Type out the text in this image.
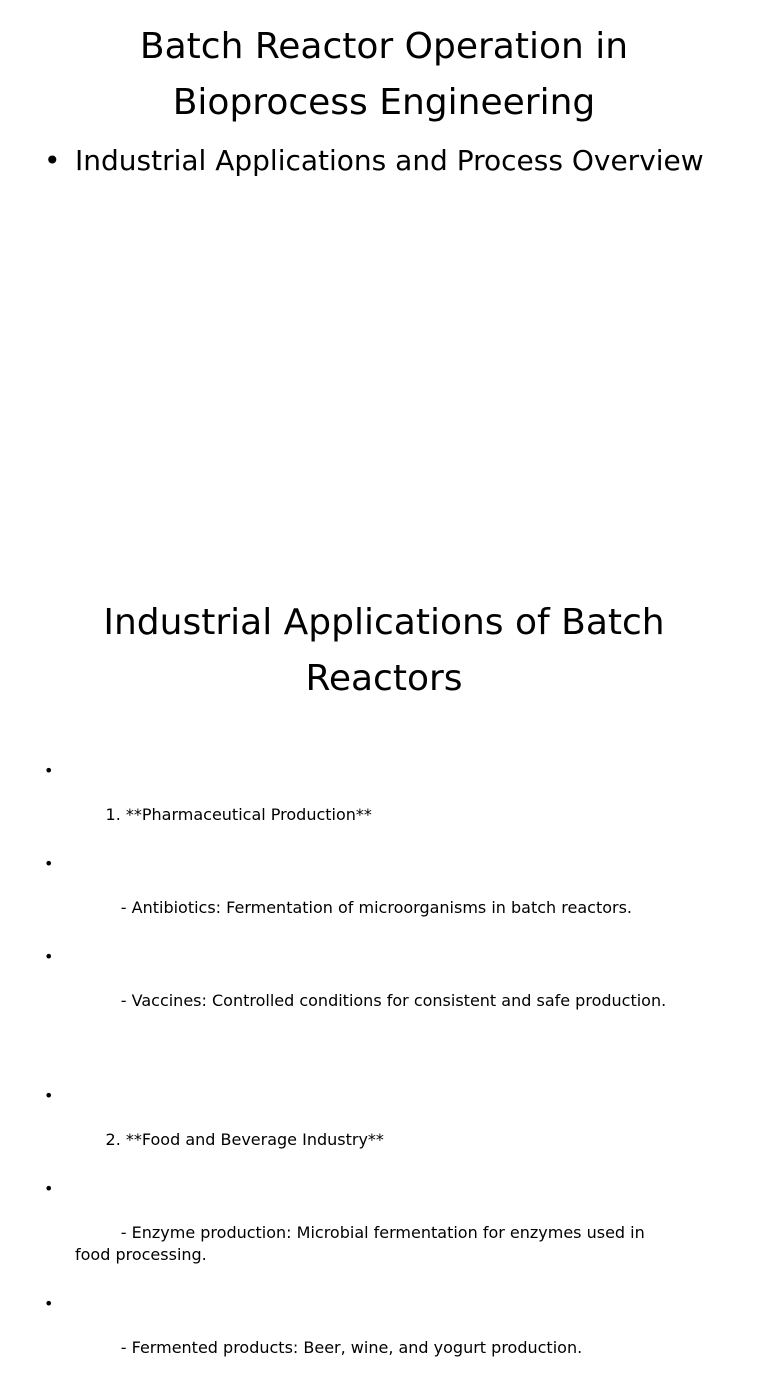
Batch Reactor Operation in Bioprocess Engineering
• Industrial Applications and Process Overview
Industrial Applications of Batch Reactors

•

1. **Pharmaceutical Production**

•

- Antibiotics: Fermentation of microorganisms in batch reactors.

•

- Vaccines: Controlled conditions for consistent and safe production.

•

2. **Food and Beverage Industry**

•

- Enzyme production: Microbial fermentation for enzymes used in food processing.

•

- Fermented products: Beer, wine, and yogurt production.
